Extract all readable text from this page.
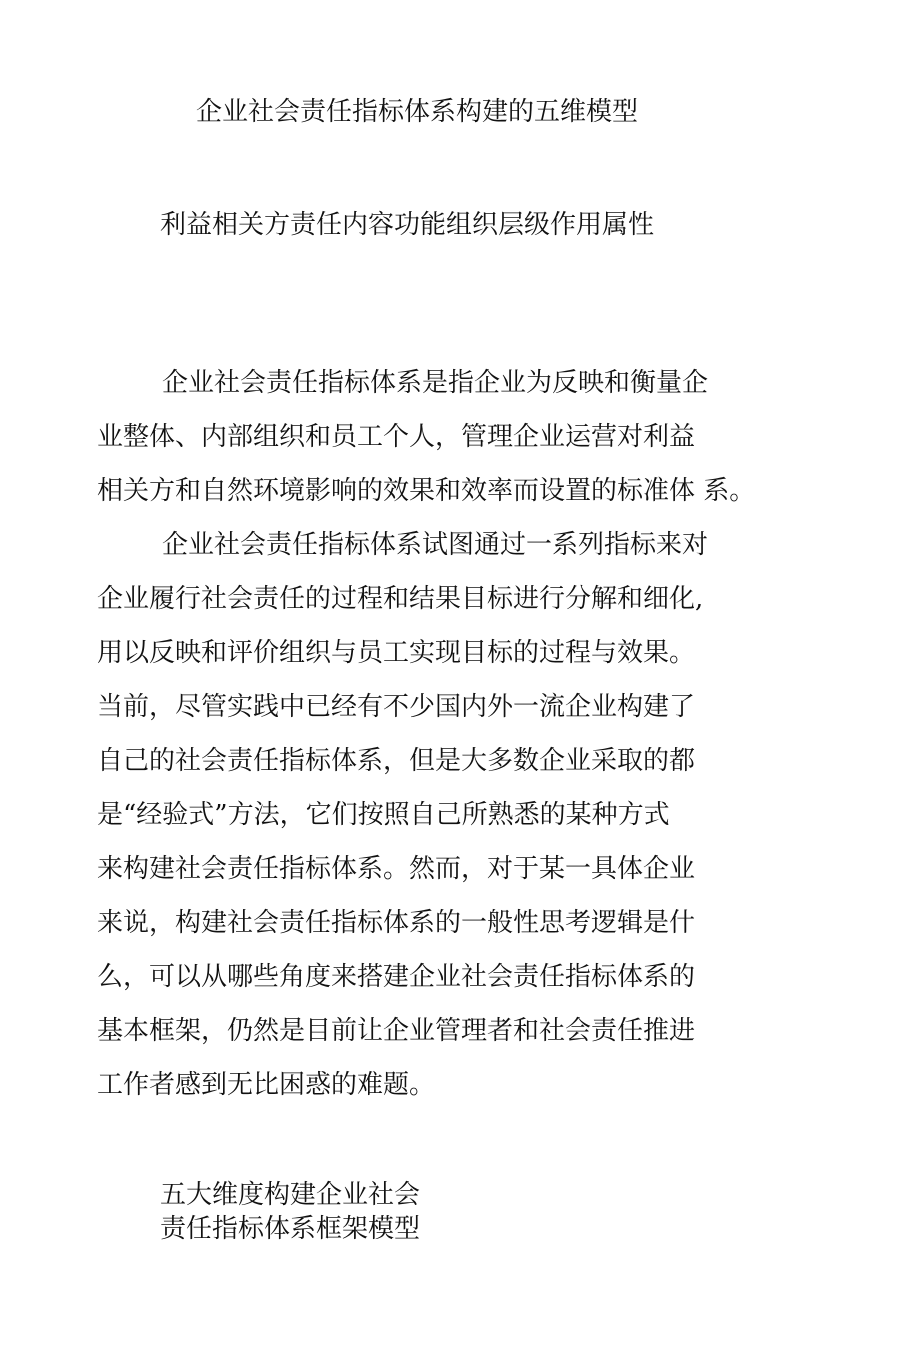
企业社会责任指标体系构建的五维模型
利益相关方责任内容功能组织层级作用属性
企业社会责任指标体系是指企业为反映和衡量企
业整体、内部组织和员工个人，管理企业运营对利益
相关方和自然环境影响的效果和效率而设置的标准体 系。
企业社会责任指标体系试图通过一系列指标来对
企业履行社会责任的过程和结果目标进行分解和细化,
用以反映和评价组织与员工实现目标的过程与效果。
当前，尽管实践中已经有不少国内外一流企业构建了
自己的社会责任指标体系，但是大多数企业采取的都
是“经验式”方法，它们按照自己所熟悉的某种方式
来构建社会责任指标体系。然而，对于某一具体企业
来说，构建社会责任指标体系的一般性思考逻辑是什
么，可以从哪些角度来搭建企业社会责任指标体系的
基本框架，仍然是目前让企业管理者和社会责任推进
工作者感到无比困惑的难题。
五大维度构建企业社会
责任指标体系框架模型
